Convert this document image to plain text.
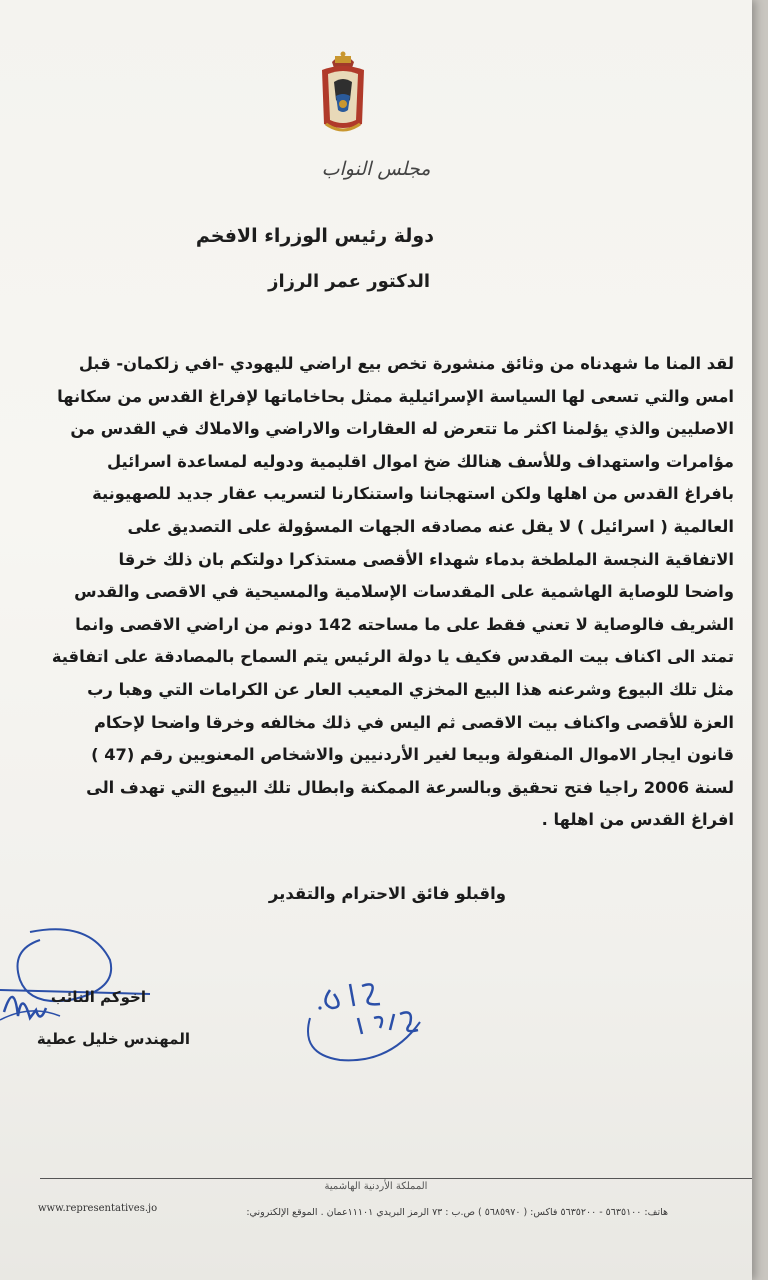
مجلس النواب
دولة رئيس الوزراء الافخم
الدكتور عمر الرزاز
لقد المنا ما شهدناه من وثائق منشورة تخص بيع اراضي لليهودي -افي زلكمان- قبل
امس والتي تسعى لها السياسة الإسرائيلية ممثل بحاخاماتها لإفراغ القدس من سكانها
الاصليين والذي يؤلمنا اكثر ما تتعرض له العقارات والاراضي والاملاك في القدس من
مؤامرات واستهداف وللأسف هنالك ضخ اموال اقليمية ودوليه لمساعدة اسرائيل
بافراغ القدس من اهلها ولكن استهجاننا واستنكارنا لتسريب عقار جديد للصهيونية
العالمية ( اسرائيل ) لا يقل عنه مصادقه الجهات المسؤولة على التصديق على
الاتفاقية النجسة الملطخة بدماء شهداء الأقصى مستذكرا دولتكم بان ذلك خرقا
واضحا للوصاية الهاشمية على المقدسات الإسلامية والمسيحية في الاقصى والقدس
الشريف فالوصاية لا تعني فقط على ما مساحته 142 دونم من اراضي الاقصى وانما
تمتد الى اكناف بيت المقدس فكيف يا دولة الرئيس يتم السماح بالمصادقة على اتفاقية
مثل تلك البيوع وشرعنه هذا البيع المخزي المعيب العار عن الكرامات التي وهبا رب
العزة للأقصى واكناف بيت الاقصى ثم اليس في ذلك مخالفه وخرقا واضحا لإحكام
قانون ايجار الاموال المنقولة وبيعا لغير الأردنيين والاشخاص المعنويين رقم (47 )
لسنة 2006 راجيا فتح تحقيق وبالسرعة الممكنة وابطال تلك البيوع التي تهدف الى
افراغ القدس من اهلها .
واقبلو فائق الاحترام والتقدير
اخوكم النائب
المهندس خليل عطية
المملكة الأردنية الهاشمية
هاتف: ٥٦٣٥١٠٠ - ٥٦٣٥٢٠٠ فاكس: ( ٥٦٨٥٩٧٠ ) ص.ب : ٧٣ الرمز البريدي ١١١٠١عمان . الموقع الإلكتروني:
www.representatives.jo
